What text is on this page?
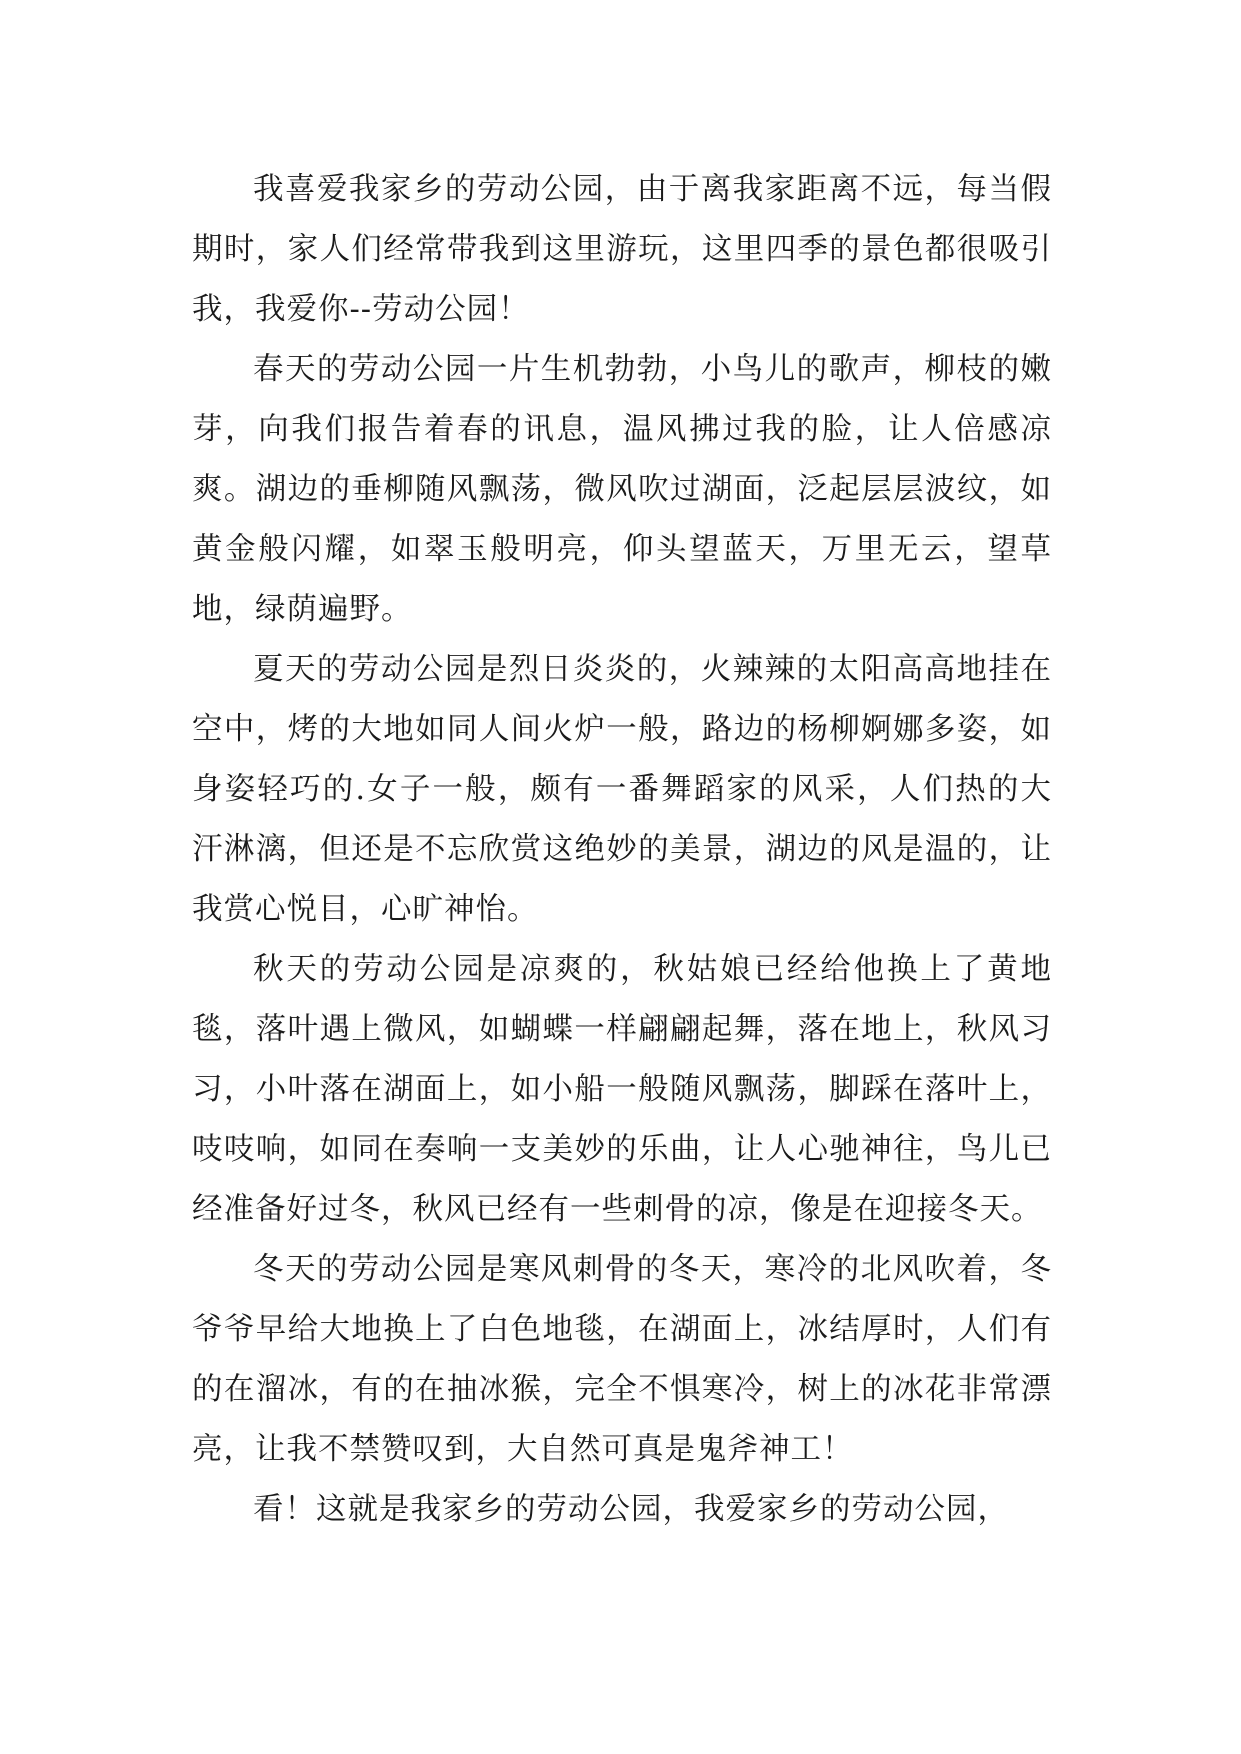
我喜爱我家乡的劳动公园，由于离我家距离不远，每当假期时，家人们经常带我到这里游玩，这里四季的景色都很吸引我，我爱你--劳动公园！

春天的劳动公园一片生机勃勃，小鸟儿的歌声，柳枝的嫩芽，向我们报告着春的讯息，温风拂过我的脸，让人倍感凉爽。湖边的垂柳随风飘荡，微风吹过湖面，泛起层层波纹，如黄金般闪耀，如翠玉般明亮，仰头望蓝天，万里无云，望草地，绿荫遍野。

夏天的劳动公园是烈日炎炎的，火辣辣的太阳高高地挂在空中，烤的大地如同人间火炉一般，路边的杨柳婀娜多姿，如身姿轻巧的.女子一般，颇有一番舞蹈家的风采，人们热的大汗淋漓，但还是不忘欣赏这绝妙的美景，湖边的风是温的，让我赏心悦目，心旷神怡。

秋天的劳动公园是凉爽的，秋姑娘已经给他换上了黄地毯，落叶遇上微风，如蝴蝶一样翩翩起舞，落在地上，秋风习习，小叶落在湖面上，如小船一般随风飘荡，脚踩在落叶上，吱吱响，如同在奏响一支美妙的乐曲，让人心驰神往，鸟儿已经准备好过冬，秋风已经有一些刺骨的凉，像是在迎接冬天。

冬天的劳动公园是寒风刺骨的冬天，寒冷的北风吹着，冬爷爷早给大地换上了白色地毯，在湖面上，冰结厚时，人们有的在溜冰，有的在抽冰猴，完全不惧寒冷，树上的冰花非常漂亮，让我不禁赞叹到，大自然可真是鬼斧神工！

看！这就是我家乡的劳动公园，我爱家乡的劳动公园，
